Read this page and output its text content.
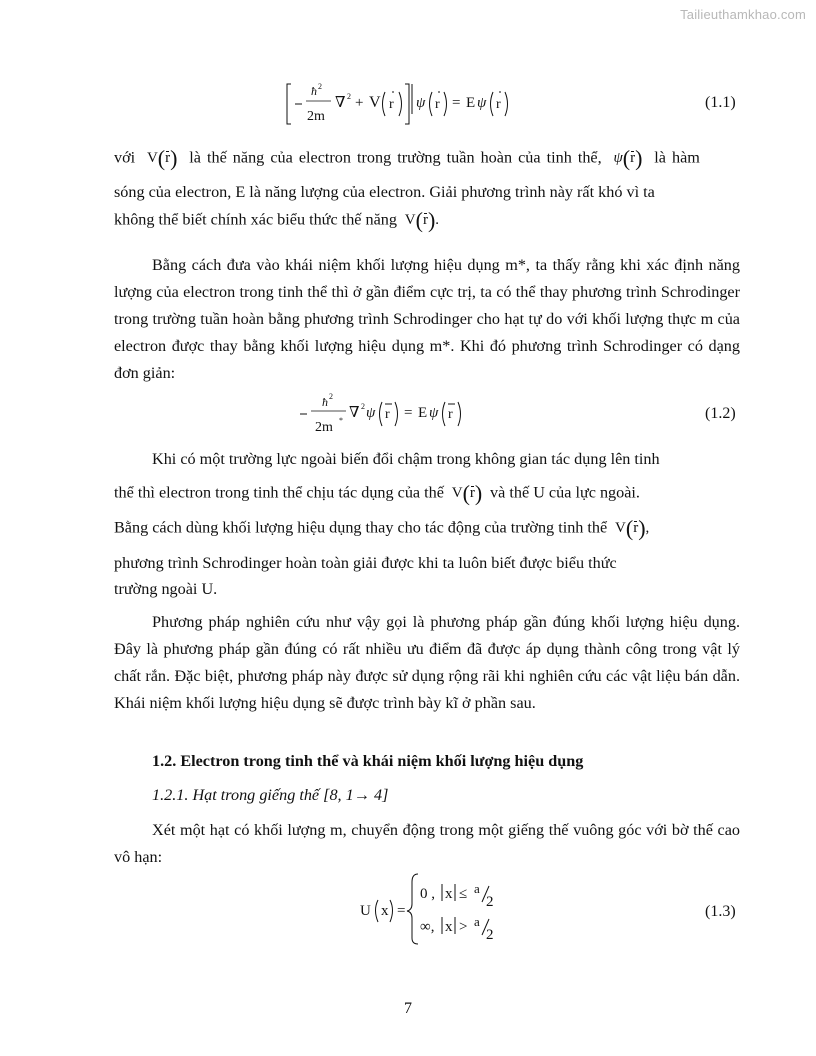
Tailieuthamkhao.com
ħ 2
2m
∇ 2 + V r ψ r = E ψ r	(1.1)
với  V(r) là thế năng của electron trong trường tuần hoàn của tinh thể, ψ(r) là hàm
sóng của electron, E là năng lượng của electron. Giải phương trình này rất khó vì ta
không thể biết chính xác biểu thức thế năng  V(r).

Bằng cách đưa vào khái niệm khối lượng hiệu dụng m*, ta thấy rằng khi xác định năng lượng của electron trong tinh thể thì ở gần điểm cực trị, ta có thể thay phương trình Schrodinger trong trường tuần hoàn bằng phương trình Schrodinger cho hạt tự do với khối lượng thực m của electron được thay bằng khối lượng hiệu dụng m*. Khi đó phương trình Schrodinger có dạng đơn giản:

ħ 2
2m * ∇ 2 ψ r = E ψ r	(1.2)
Khi có một trường lực ngoài biến đổi chậm trong không gian tác dụng lên tinh
thể thì electron trong tinh thể chịu tác dụng của thế  V(r) và thế U của lực ngoài.
Bằng cách dùng khối lượng hiệu dụng thay cho tác động của trường tinh thể  V(r),
phương trình Schrodinger hoàn toàn giải được khi ta luôn biết được biểu thức
trường ngoài U.

Phương pháp nghiên cứu như vậy gọi là phương pháp gần đúng khối lượng hiệu dụng. Đây là phương pháp gần đúng có rất nhiều ưu điểm đã được áp dụng thành công trong vật lý chất rắn. Đặc biệt, phương pháp này được sử dụng rộng rãi khi nghiên cứu các vật liệu bán dẫn. Khái niệm khối lượng hiệu dụng sẽ được trình bày kĩ ở phần sau.

1.2. Electron trong tinh thể và khái niệm khối lượng hiệu dụng
1.2.1. Hạt trong giếng thế [8, 1→ 4]

Xét một hạt có khối lượng m, chuyển động trong một giếng thế vuông góc với bờ thế cao vô hạn:

U x =
0 , x ≤ a
2
∞, x > a
2
(1.3)
7
